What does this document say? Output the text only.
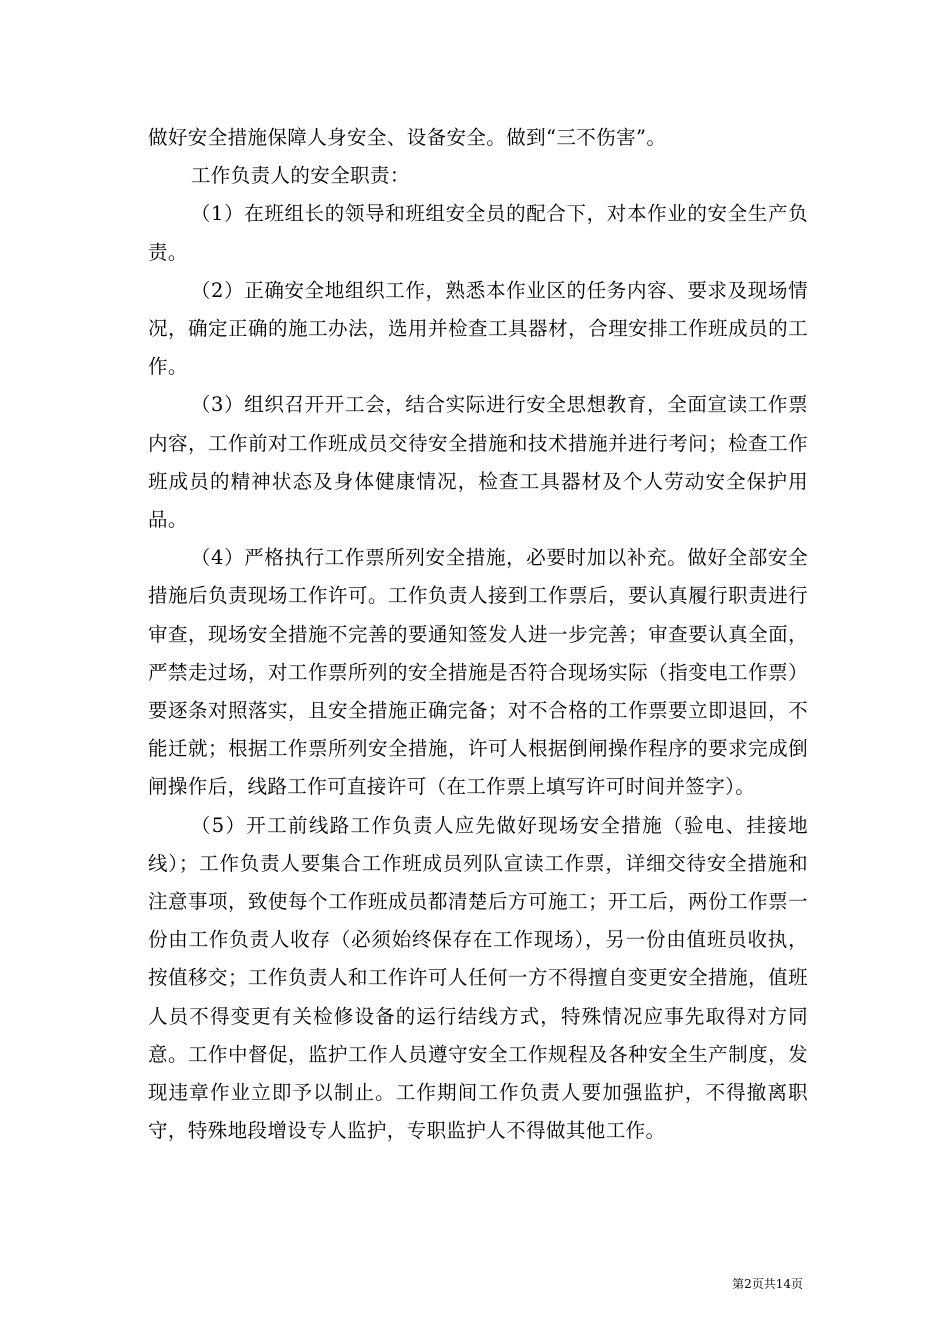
做好安全措施保障人身安全、设备安全。做到“三不伤害”。

工作负责人的安全职责：

（1）在班组长的领导和班组安全员的配合下，对本作业的安全生产负责。

（2）正确安全地组织工作，熟悉本作业区的任务内容、要求及现场情况，确定正确的施工办法，选用并检查工具器材，合理安排工作班成员的工作。

（3）组织召开开工会，结合实际进行安全思想教育，全面宣读工作票内容，工作前对工作班成员交待安全措施和技术措施并进行考问；检查工作班成员的精神状态及身体健康情况，检查工具器材及个人劳动安全保护用品。

（4）严格执行工作票所列安全措施，必要时加以补充。做好全部安全措施后负责现场工作许可。工作负责人接到工作票后，要认真履行职责进行审查，现场安全措施不完善的要通知签发人进一步完善；审查要认真全面，严禁走过场，对工作票所列的安全措施是否符合现场实际（指变电工作票）要逐条对照落实，且安全措施正确完备；对不合格的工作票要立即退回，不能迁就；根据工作票所列安全措施，许可人根据倒闸操作程序的要求完成倒闸操作后，线路工作可直接许可（在工作票上填写许可时间并签字）。

（5）开工前线路工作负责人应先做好现场安全措施（验电、挂接地线）；工作负责人要集合工作班成员列队宣读工作票，详细交待安全措施和注意事项，致使每个工作班成员都清楚后方可施工；开工后，两份工作票一份由工作负责人收存（必须始终保存在工作现场），另一份由值班员收执，按值移交；工作负责人和工作许可人任何一方不得擅自变更安全措施，值班人员不得变更有关检修设备的运行结线方式，特殊情况应事先取得对方同意。工作中督促，监护工作人员遵守安全工作规程及各种安全生产制度，发现违章作业立即予以制止。工作期间工作负责人要加强监护，不得撤离职守，特殊地段增设专人监护，专职监护人不得做其他工作。

第2页共14页
